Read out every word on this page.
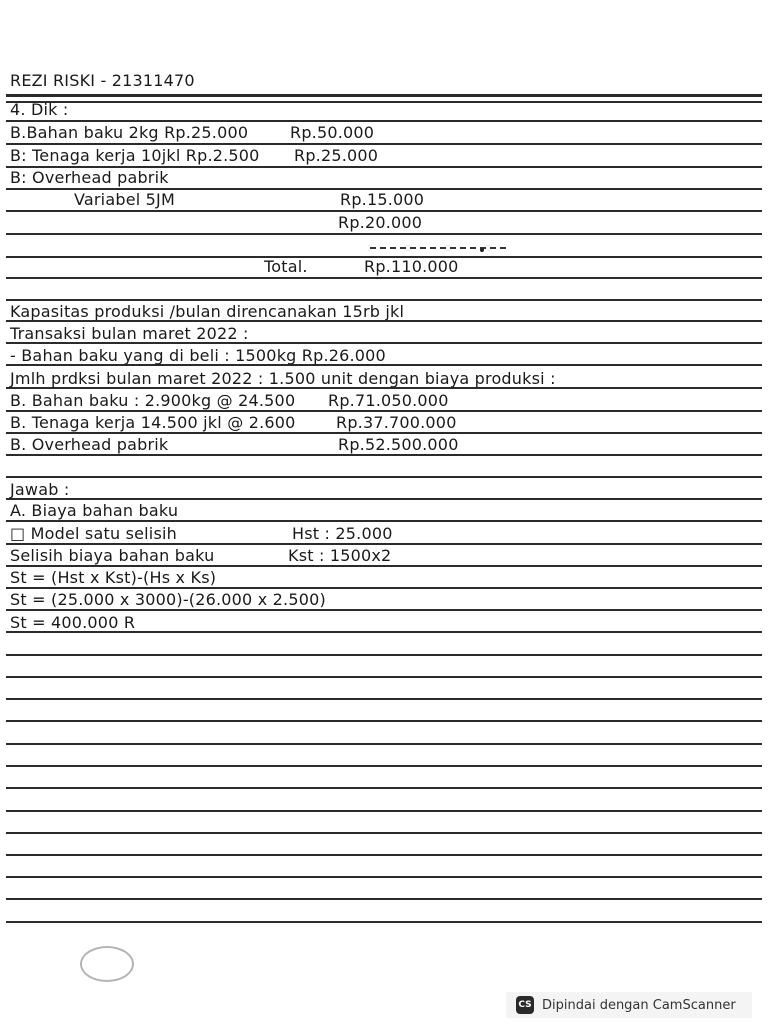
REZI RISKI - 21311470
4. Dik :
B.Bahan baku 2kg Rp.25.000	Rp.50.000
B: Tenaga kerja 10jkl Rp.2.500 Rp.25.000
B: Overhead pabrik
Variabel 5JM	Rp.15.000
Rp.20.000
Total.	Rp.110.000
Kapasitas produksi /bulan direncanakan 15rb jkl
Transaksi bulan maret 2022 :
- Bahan baku yang di beli : 1500kg Rp.26.000
Jmlh prdksi bulan maret 2022 : 1.500 unit dengan biaya produksi :
B. Bahan baku : 2.900kg @ 24.500 Rp.71.050.000
B. Tenaga kerja 14.500 jkl @ 2.600	Rp.37.700.000
B. Overhead pabrik	Rp.52.500.000
Jawab :
A. Biaya bahan baku
□ Model satu selisih	Hst : 25.000
Selisih biaya bahan baku	Kst : 1500x2
St = (Hst x Kst)-(Hs x Ks)
St = (25.000 x 3000)-(26.000 x 2.500)
St = 400.000 R
CS Dipindai dengan CamScanner
